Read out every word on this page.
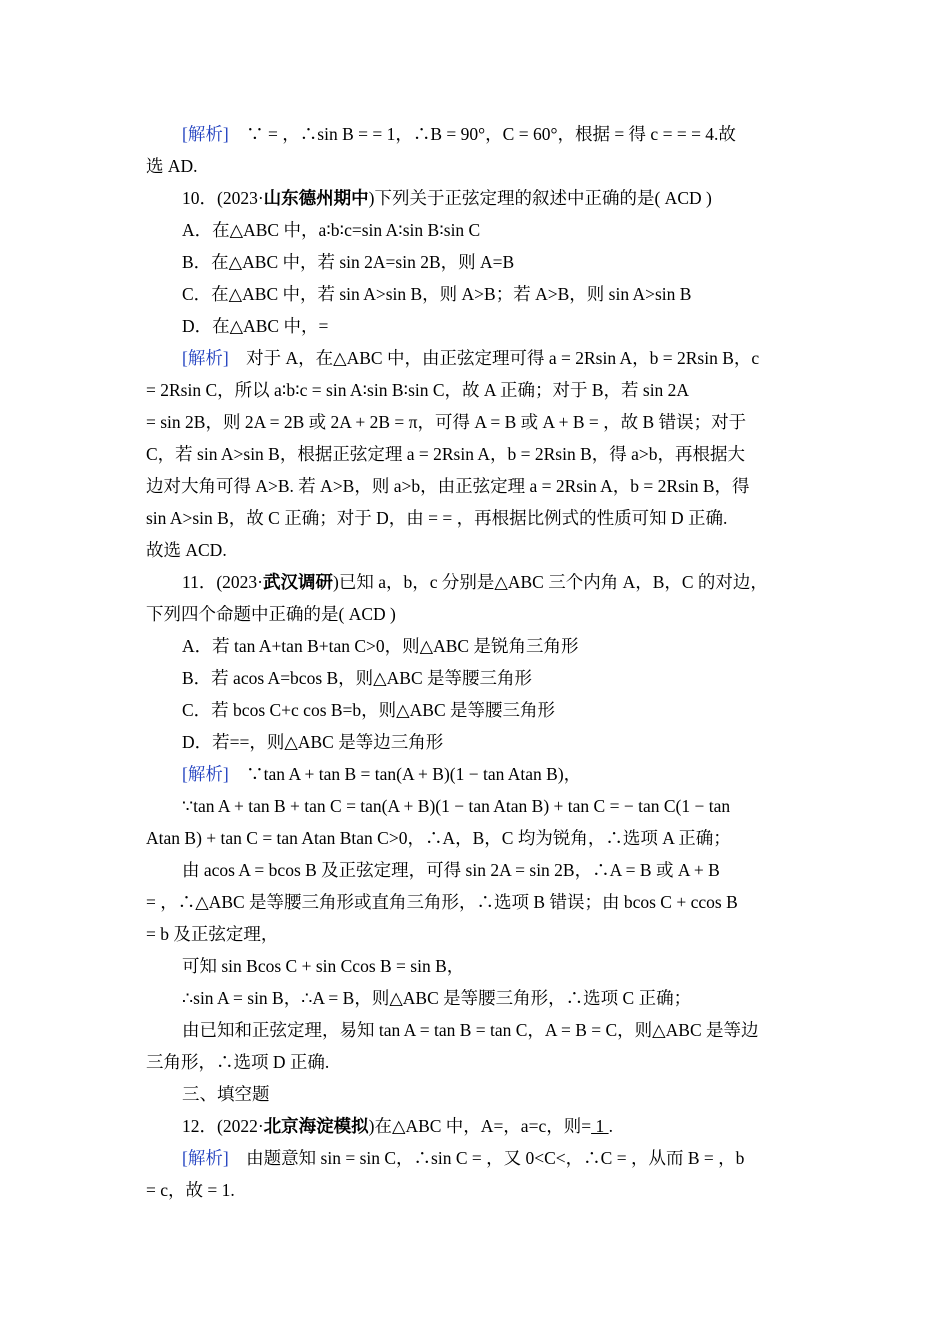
[解析]　∵ = ，∴sin B = = 1，∴B = 90°，C = 60°，根据 = 得 c = = = 4.故
选 AD.
10．(2023·山东德州期中)下列关于正弦定理的叙述中正确的是( ACD )
A．在△ABC 中，a∶b∶c=sin A∶sin B∶sin C
B．在△ABC 中，若 sin 2A=sin 2B，则 A=B
C．在△ABC 中，若 sin A>sin B，则 A>B；若 A>B，则 sin A>sin B
D．在△ABC 中，=
[解析]　对于 A，在△ABC 中，由正弦定理可得 a = 2Rsin A，b = 2Rsin B，c
= 2Rsin C，所以 a∶b∶c = sin A∶sin B∶sin C，故 A 正确；对于 B，若 sin 2A
= sin 2B，则 2A = 2B 或 2A + 2B = π，可得 A = B 或 A + B = ，故 B 错误；对于
C，若 sin A>sin B，根据正弦定理 a = 2Rsin A，b = 2Rsin B，得 a>b，再根据大
边对大角可得 A>B. 若 A>B，则 a>b，由正弦定理 a = 2Rsin A，b = 2Rsin B，得
sin A>sin B，故 C 正确；对于 D，由 = = ，再根据比例式的性质可知 D 正确.
故选 ACD.
11．(2023·武汉调研)已知 a，b，c 分别是△ABC 三个内角 A，B，C 的对边，
下列四个命题中正确的是( ACD )
A．若 tan A+tan B+tan C>0，则△ABC 是锐角三角形
B．若 acos A=bcos B，则△ABC 是等腰三角形
C．若 bcos C+c cos B=b，则△ABC 是等腰三角形
D．若==，则△ABC 是等边三角形
[解析]　∵tan A + tan B = tan(A + B)(1 − tan Atan B)，
∵tan A + tan B + tan C = tan(A + B)(1 − tan Atan B) + tan C = − tan C(1 − tan
Atan B) + tan C = tan Atan Btan C>0，∴A，B，C 均为锐角，∴选项 A 正确；
由 acos A = bcos B 及正弦定理，可得 sin 2A = sin 2B，∴A = B 或 A + B
= ，∴△ABC 是等腰三角形或直角三角形，∴选项 B 错误；由 bcos C + ccos B
= b 及正弦定理，
可知 sin Bcos C + sin Ccos B = sin B，
∴sin A = sin B，∴A = B，则△ABC 是等腰三角形，∴选项 C 正确；
由已知和正弦定理，易知 tan A = tan B = tan C，A = B = C，则△ABC 是等边
三角形，∴选项 D 正确.
三、填空题
12．(2022·北京海淀模拟)在△ABC 中，A=，a=c，则= 1 .
[解析]　由题意知 sin = sin C，∴sin C = ，又 0<C<，∴C = ，从而 B = ，b
= c，故 = 1.
